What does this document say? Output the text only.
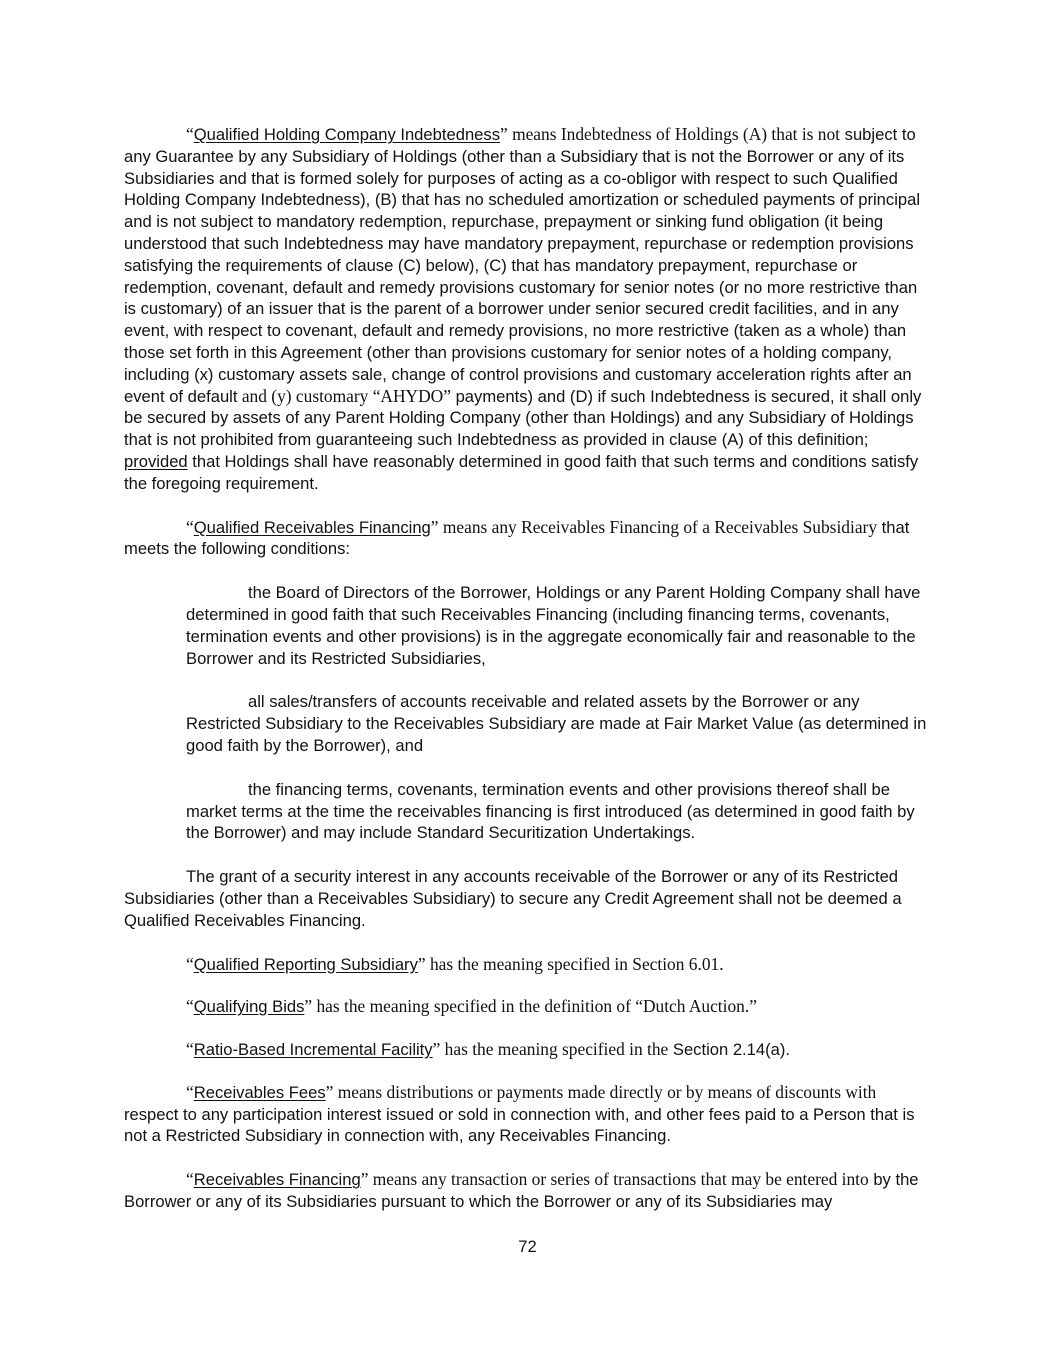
“Qualified Holding Company Indebtedness” means Indebtedness of Holdings (A) that is not subject to any Guarantee by any Subsidiary of Holdings (other than a Subsidiary that is not the Borrower or any of its Subsidiaries and that is formed solely for purposes of acting as a co-obligor with respect to such Qualified Holding Company Indebtedness), (B) that has no scheduled amortization or scheduled payments of principal and is not subject to mandatory redemption, repurchase, prepayment or sinking fund obligation (it being understood that such Indebtedness may have mandatory prepayment, repurchase or redemption provisions satisfying the requirements of clause (C) below), (C) that has mandatory prepayment, repurchase or redemption, covenant, default and remedy provisions customary for senior notes (or no more restrictive than is customary) of an issuer that is the parent of a borrower under senior secured credit facilities, and in any event, with respect to covenant, default and remedy provisions, no more restrictive (taken as a whole) than those set forth in this Agreement (other than provisions customary for senior notes of a holding company, including (x) customary assets sale, change of control provisions and customary acceleration rights after an event of default and (y) customary “AHYDO” payments) and (D) if such Indebtedness is secured, it shall only be secured by assets of any Parent Holding Company (other than Holdings) and any Subsidiary of Holdings that is not prohibited from guaranteeing such Indebtedness as provided in clause (A) of this definition; provided that Holdings shall have reasonably determined in good faith that such terms and conditions satisfy the foregoing requirement.

“Qualified Receivables Financing” means any Receivables Financing of a Receivables Subsidiary that meets the following conditions:

the Board of Directors of the Borrower, Holdings or any Parent Holding Company shall have determined in good faith that such Receivables Financing (including financing terms, covenants, termination events and other provisions) is in the aggregate economically fair and reasonable to the Borrower and its Restricted Subsidiaries,

all sales/transfers of accounts receivable and related assets by the Borrower or any Restricted Subsidiary to the Receivables Subsidiary are made at Fair Market Value (as determined in good faith by the Borrower), and

the financing terms, covenants, termination events and other provisions thereof shall be market terms at the time the receivables financing is first introduced (as determined in good faith by the Borrower) and may include Standard Securitization Undertakings.

The grant of a security interest in any accounts receivable of the Borrower or any of its Restricted Subsidiaries (other than a Receivables Subsidiary) to secure any Credit Agreement shall not be deemed a Qualified Receivables Financing.

“Qualified Reporting Subsidiary” has the meaning specified in Section 6.01.

“Qualifying Bids” has the meaning specified in the definition of “Dutch Auction.”

“Ratio-Based Incremental Facility” has the meaning specified in the Section 2.14(a).

“Receivables Fees” means distributions or payments made directly or by means of discounts with respect to any participation interest issued or sold in connection with, and other fees paid to a Person that is not a Restricted Subsidiary in connection with, any Receivables Financing.

“Receivables Financing” means any transaction or series of transactions that may be entered into by the Borrower or any of its Subsidiaries pursuant to which the Borrower or any of its Subsidiaries may

72
